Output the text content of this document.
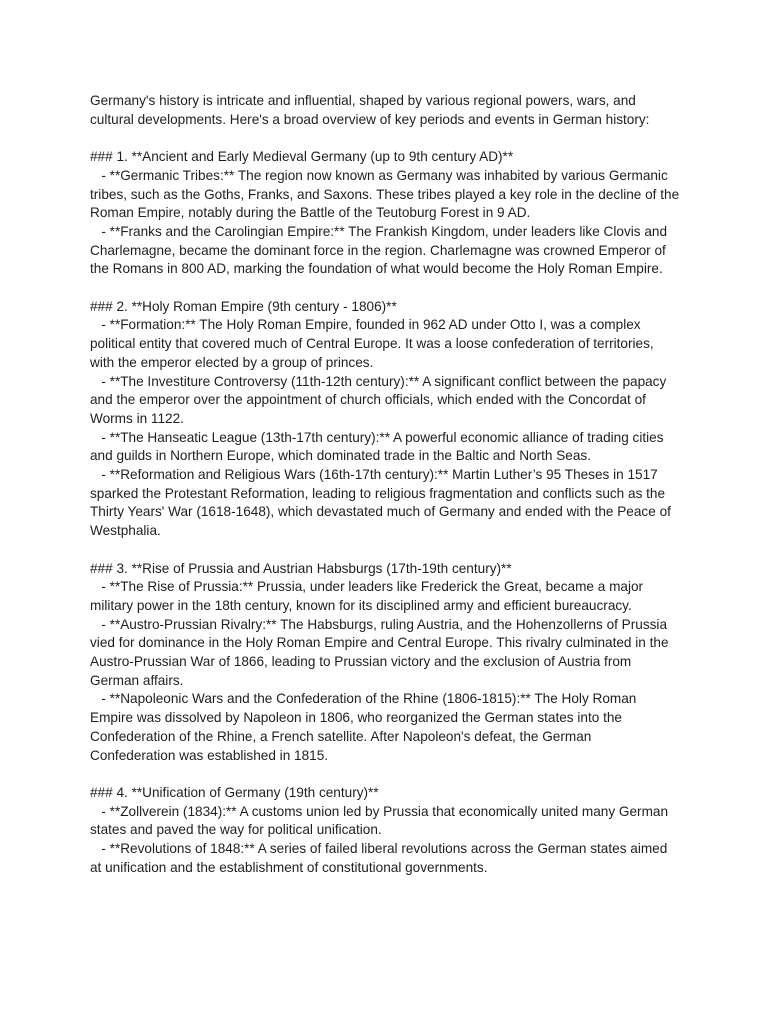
Germany's history is intricate and influential, shaped by various regional powers, wars, and cultural developments. Here's a broad overview of key periods and events in German history:

### 1. **Ancient and Early Medieval Germany (up to 9th century AD)**

- **Germanic Tribes:** The region now known as Germany was inhabited by various Germanic tribes, such as the Goths, Franks, and Saxons. These tribes played a key role in the decline of the Roman Empire, notably during the Battle of the Teutoburg Forest in 9 AD.

- **Franks and the Carolingian Empire:** The Frankish Kingdom, under leaders like Clovis and Charlemagne, became the dominant force in the region. Charlemagne was crowned Emperor of the Romans in 800 AD, marking the foundation of what would become the Holy Roman Empire.

### 2. **Holy Roman Empire (9th century - 1806)**

- **Formation:** The Holy Roman Empire, founded in 962 AD under Otto I, was a complex political entity that covered much of Central Europe. It was a loose confederation of territories, with the emperor elected by a group of princes.

- **The Investiture Controversy (11th-12th century):** A significant conflict between the papacy and the emperor over the appointment of church officials, which ended with the Concordat of Worms in 1122.

- **The Hanseatic League (13th-17th century):** A powerful economic alliance of trading cities and guilds in Northern Europe, which dominated trade in the Baltic and North Seas.

- **Reformation and Religious Wars (16th-17th century):** Martin Luther’s 95 Theses in 1517 sparked the Protestant Reformation, leading to religious fragmentation and conflicts such as the Thirty Years' War (1618-1648), which devastated much of Germany and ended with the Peace of Westphalia.

### 3. **Rise of Prussia and Austrian Habsburgs (17th-19th century)**

- **The Rise of Prussia:** Prussia, under leaders like Frederick the Great, became a major military power in the 18th century, known for its disciplined army and efficient bureaucracy.

- **Austro-Prussian Rivalry:** The Habsburgs, ruling Austria, and the Hohenzollerns of Prussia vied for dominance in the Holy Roman Empire and Central Europe. This rivalry culminated in the Austro-Prussian War of 1866, leading to Prussian victory and the exclusion of Austria from German affairs.

- **Napoleonic Wars and the Confederation of the Rhine (1806-1815):** The Holy Roman Empire was dissolved by Napoleon in 1806, who reorganized the German states into the Confederation of the Rhine, a French satellite. After Napoleon's defeat, the German Confederation was established in 1815.

### 4. **Unification of Germany (19th century)**

- **Zollverein (1834):** A customs union led by Prussia that economically united many German states and paved the way for political unification.

- **Revolutions of 1848:** A series of failed liberal revolutions across the German states aimed at unification and the establishment of constitutional governments.
